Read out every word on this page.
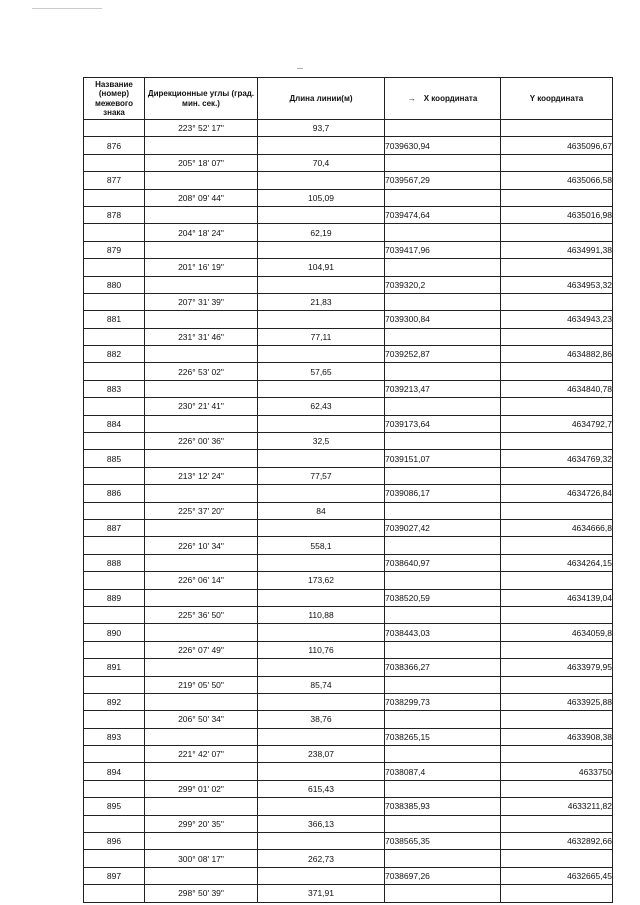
Название (номер) межевого знака	Дирекционные углы (град. мин. сек.)	Длина линии(м)	→ X координата	Y координата
	223° 52' 17"	93,7		
876			7039630,94	4635096,67
	205° 18' 07"	70,4		
877			7039567,29	4635066,58
	208° 09' 44"	105,09		
878			7039474,64	4635016,98
	204° 18' 24"	62,19		
879			7039417,96	4634991,38
	201° 16' 19"	104,91		
880			7039320,2	4634953,32
	207° 31' 39"	21,83		
881			7039300,84	4634943,23
	231° 31' 46"	77,11		
882			7039252,87	4634882,86
	226° 53' 02"	57,65		
883			7039213,47	4634840,78
	230° 21' 41"	62,43		
884			7039173,64	4634792,7
	226° 00' 36"	32,5		
885			7039151,07	4634769,32
	213° 12' 24"	77,57		
886			7039086,17	4634726,84
	225° 37' 20"	84		
887			7039027,42	4634666,8
	226° 10' 34"	558,1		
888			7038640,97	4634264,15
	226° 06' 14"	173,62		
889			7038520,59	4634139,04
	225° 36' 50"	110,88		
890			7038443,03	4634059,8
	226° 07' 49"	110,76		
891			7038366,27	4633979,95
	219° 05' 50"	85,74		
892			7038299,73	4633925,88
	206° 50' 34"	38,76		
893			7038265,15	4633908,38
	221° 42' 07"	238,07		
894			7038087,4	4633750
	299° 01' 02"	615,43		
895			7038385,93	4633211,82
	299° 20' 35"	366,13		
896			7038565,35	4632892,66
	300° 08' 17"	262,73		
897			7038697,26	4632665,45
	298° 50' 39"	371,91		
